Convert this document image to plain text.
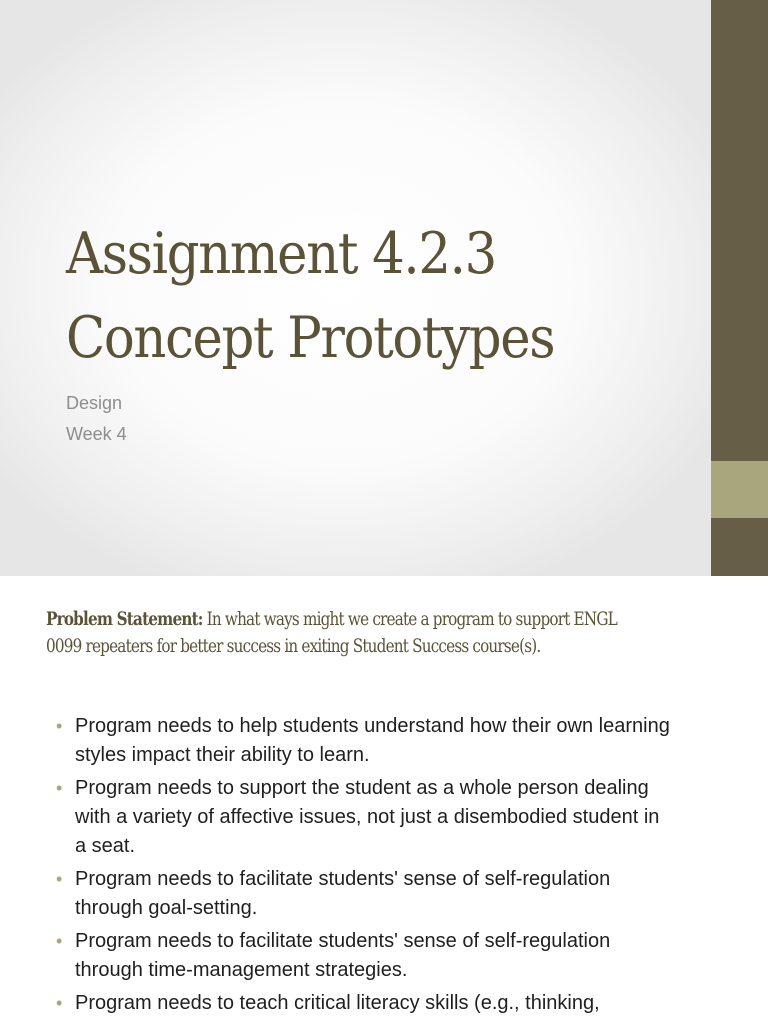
Assignment 4.2.3
Concept Prototypes
Design
Week 4

Problem Statement: In what ways might we create a program to support ENGL 0099 repeaters for better success in exiting Student Success course(s).

• Program needs to help students understand how their own learning styles impact their ability to learn.
• Program needs to support the student as a whole person dealing with a variety of affective issues, not just a disembodied student in a seat.
• Program needs to facilitate students' sense of self-regulation through goal-setting.
• Program needs to facilitate students' sense of self-regulation through time-management strategies.
• Program needs to teach critical literacy skills (e.g., thinking,
